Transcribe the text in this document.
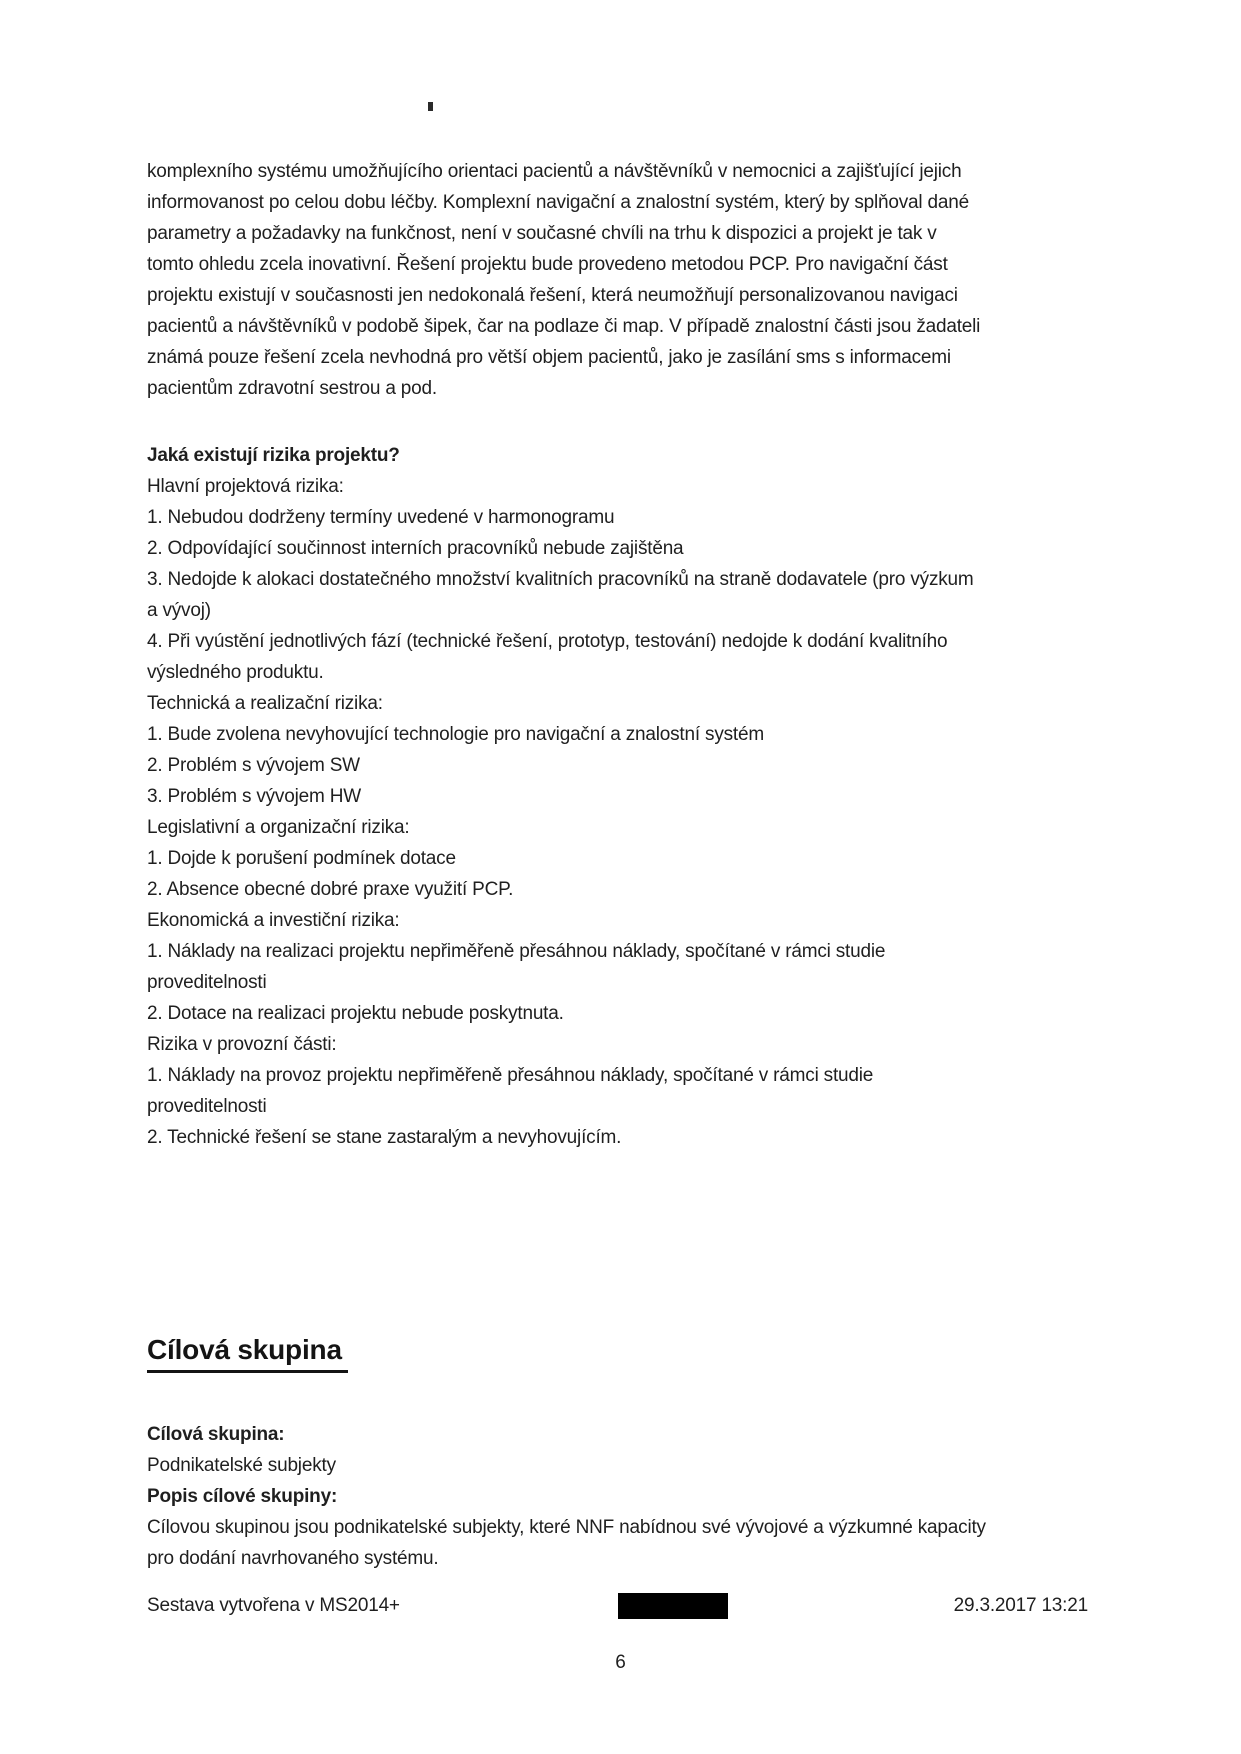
komplexního systému umožňujícího orientaci pacientů a návštěvníků v nemocnici a zajišťující jejich
informovanost po celou dobu léčby. Komplexní navigační a znalostní systém, který by splňoval dané
parametry a požadavky na funkčnost, není v současné chvíli na trhu k dispozici a projekt je tak v
tomto ohledu zcela inovativní. Řešení projektu bude provedeno metodou PCP. Pro navigační část
projektu existují v současnosti jen nedokonalá řešení, která neumožňují personalizovanou navigaci
pacientů a návštěvníků v podobě šipek, čar na podlaze či map. V případě znalostní části jsou žadateli
známá pouze řešení zcela nevhodná pro větší objem pacientů, jako je zasílání sms s informacemi
pacientům zdravotní sestrou a pod.
Jaká existují rizika projektu?
Hlavní projektová rizika:
1. Nebudou dodrženy termíny uvedené v harmonogramu
2. Odpovídající součinnost interních pracovníků nebude zajištěna
3. Nedojde k alokaci dostatečného množství kvalitních pracovníků na straně dodavatele (pro výzkum
a vývoj)
4. Při vyústění jednotlivých fází (technické řešení, prototyp, testování) nedojde k dodání kvalitního
výsledného produktu.
Technická a realizační rizika:
1. Bude zvolena nevyhovující technologie pro navigační a znalostní systém
2. Problém s vývojem SW
3. Problém s vývojem HW
Legislativní a organizační rizika:
1. Dojde k porušení podmínek dotace
2. Absence obecné dobré praxe využití PCP.
Ekonomická a investiční rizika:
1. Náklady na realizaci projektu nepřiměřeně přesáhnou náklady, spočítané v rámci studie
proveditelnosti
2. Dotace na realizaci projektu nebude poskytnuta.
Rizika v provozní části:
1. Náklady na provoz projektu nepřiměřeně přesáhnou náklady, spočítané v rámci studie
proveditelnosti
2. Technické řešení se stane zastaralým a nevyhovujícím.
Cílová skupina
Cílová skupina:
Podnikatelské subjekty
Popis cílové skupiny:
Cílovou skupinou jsou podnikatelské subjekty, které NNF nabídnou své vývojové a výzkumné kapacity
pro dodání navrhovaného systému.
Sestava vytvořena v MS2014+	29.3.2017 13:21
6
